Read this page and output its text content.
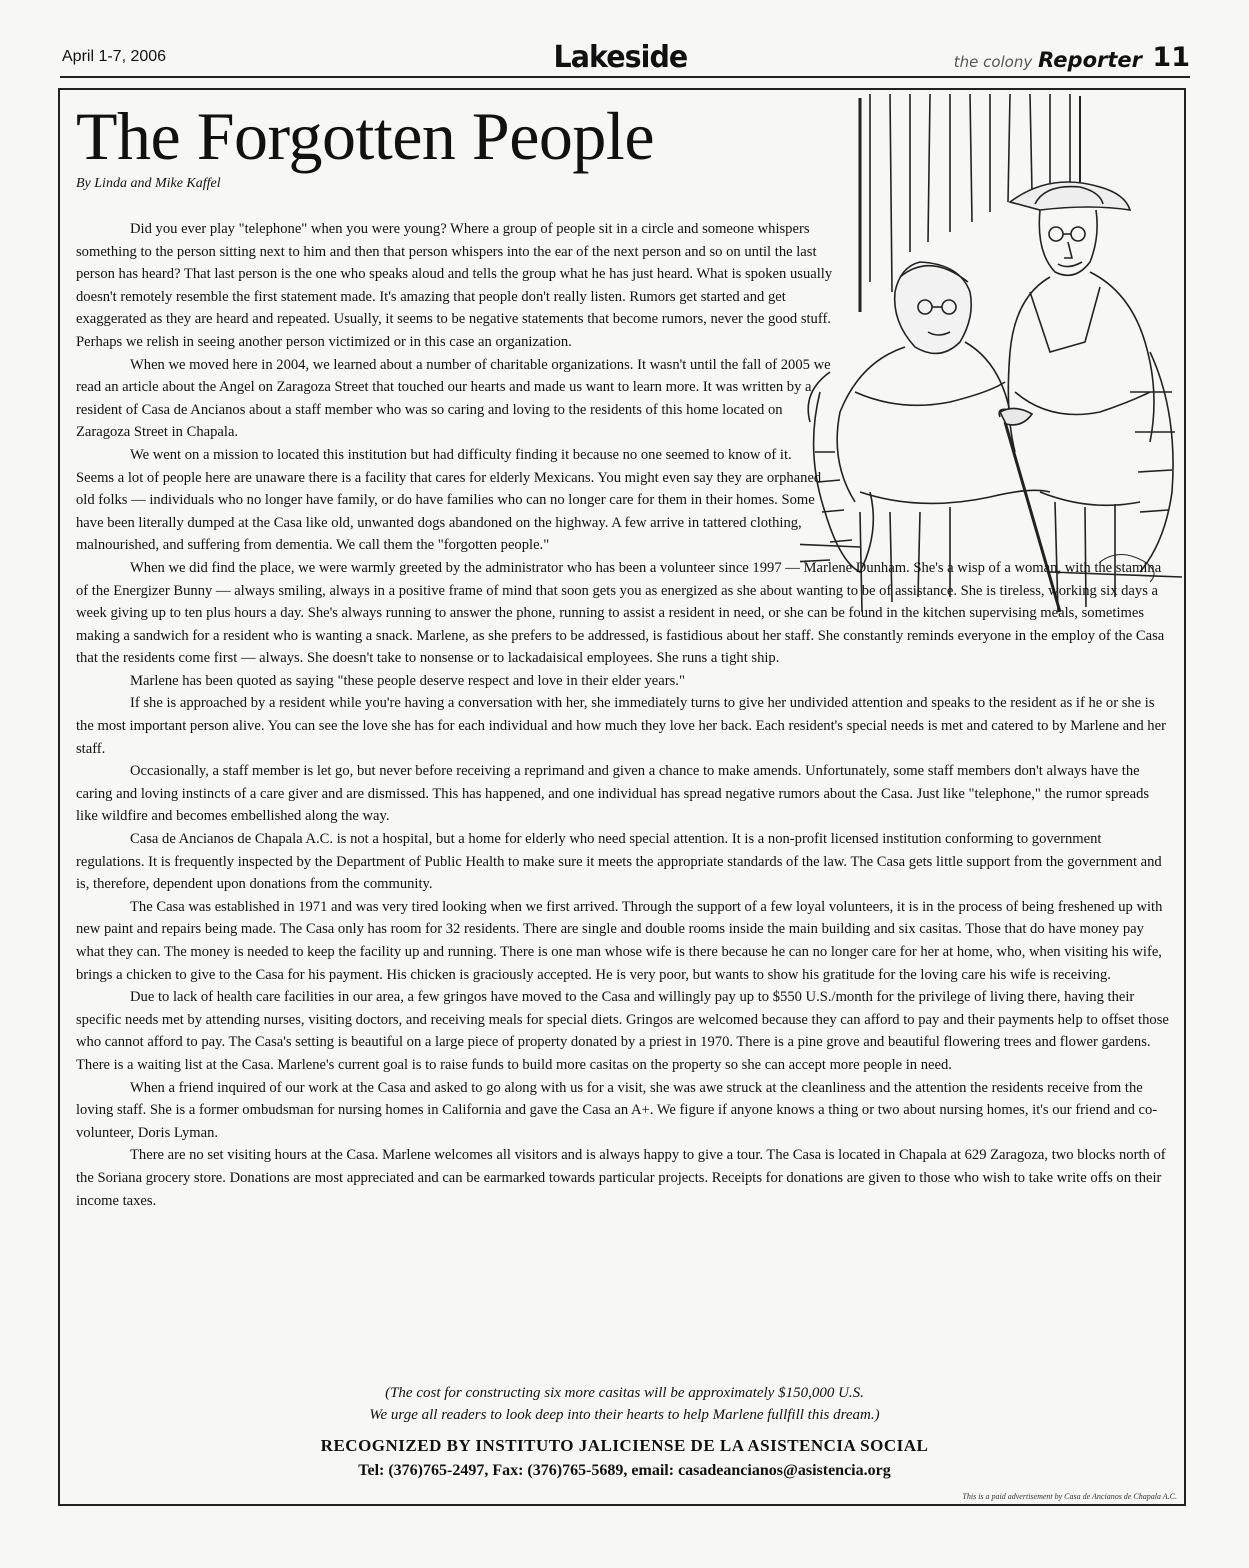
April 1-7, 2006	Lakeside	the colony Reporter 11
The Forgotten People
By Linda and Mike Kaffel

Did you ever play "telephone" when you were young? Where a group of people sit in a circle and someone whispers something to the person sitting next to him and then that person whispers into the ear of the next person and so on until the last person has heard? That last person is the one who speaks aloud and tells the group what he has just heard. What is spoken usually doesn't remotely resemble the first statement made. It's amazing that people don't really listen. Rumors get started and get exaggerated as they are heard and repeated. Usually, it seems to be negative statements that become rumors, never the good stuff. Perhaps we relish in seeing another person victimized or in this case an organization.

When we moved here in 2004, we learned about a number of charitable organizations. It wasn't until the fall of 2005 we read an article about the Angel on Zaragoza Street that touched our hearts and made us want to learn more. It was written by a resident of Casa de Ancianos about a staff member who was so caring and loving to the residents of this home located on Zaragoza Street in Chapala.

We went on a mission to located this institution but had difficulty finding it because no one seemed to know of it. Seems a lot of people here are unaware there is a facility that cares for elderly Mexicans. You might even say they are orphaned old folks — individuals who no longer have family, or do have families who can no longer care for them in their homes. Some have been literally dumped at the Casa like old, unwanted dogs abandoned on the highway. A few arrive in tattered clothing, malnourished, and suffering from dementia. We call them the "forgotten people."

When we did find the place, we were warmly greeted by the administrator who has been a volunteer since 1997 — Marlene Dunham. She's a wisp of a woman, with the stamina of the Energizer Bunny — always smiling, always in a positive frame of mind that soon gets you as energized as she about wanting to be of assistance. She is tireless, working six days a week giving up to ten plus hours a day. She's always running to answer the phone, running to assist a resident in need, or she can be found in the kitchen supervising meals, sometimes making a sandwich for a resident who is wanting a snack. Marlene, as she prefers to be addressed, is fastidious about her staff. She constantly reminds everyone in the employ of the Casa that the residents come first — always. She doesn't take to nonsense or to lackadaisical employees. She runs a tight ship.

Marlene has been quoted as saying "these people deserve respect and love in their elder years."

If she is approached by a resident while you're having a conversation with her, she immediately turns to give her undivided attention and speaks to the resident as if he or she is the most important person alive. You can see the love she has for each individual and how much they love her back. Each resident's special needs is met and catered to by Marlene and her staff.

Occasionally, a staff member is let go, but never before receiving a reprimand and given a chance to make amends. Unfortunately, some staff members don't always have the caring and loving instincts of a care giver and are dismissed. This has happened, and one individual has spread negative rumors about the Casa. Just like "telephone," the rumor spreads like wildfire and becomes embellished along the way.

Casa de Ancianos de Chapala A.C. is not a hospital, but a home for elderly who need special attention. It is a non-profit licensed institution conforming to government regulations. It is frequently inspected by the Department of Public Health to make sure it meets the appropriate standards of the law. The Casa gets little support from the government and is, therefore, dependent upon donations from the community.

The Casa was established in 1971 and was very tired looking when we first arrived. Through the support of a few loyal volunteers, it is in the process of being freshened up with new paint and repairs being made. The Casa only has room for 32 residents. There are single and double rooms inside the main building and six casitas. Those that do have money pay what they can. The money is needed to keep the facility up and running. There is one man whose wife is there because he can no longer care for her at home, who, when visiting his wife, brings a chicken to give to the Casa for his payment. His chicken is graciously accepted. He is very poor, but wants to show his gratitude for the loving care his wife is receiving.

Due to lack of health care facilities in our area, a few gringos have moved to the Casa and willingly pay up to $550 U.S./month for the privilege of living there, having their specific needs met by attending nurses, visiting doctors, and receiving meals for special diets. Gringos are welcomed because they can afford to pay and their payments help to offset those who cannot afford to pay. The Casa's setting is beautiful on a large piece of property donated by a priest in 1970. There is a pine grove and beautiful flowering trees and flower gardens. There is a waiting list at the Casa. Marlene's current goal is to raise funds to build more casitas on the property so she can accept more people in need.

When a friend inquired of our work at the Casa and asked to go along with us for a visit, she was awe struck at the cleanliness and the attention the residents receive from the loving staff. She is a former ombudsman for nursing homes in California and gave the Casa an A+. We figure if anyone knows a thing or two about nursing homes, it's our friend and co-volunteer, Doris Lyman.

There are no set visiting hours at the Casa. Marlene welcomes all visitors and is always happy to give a tour. The Casa is located in Chapala at 629 Zaragoza, two blocks north of the Soriana grocery store. Donations are most appreciated and can be earmarked towards particular projects. Receipts for donations are given to those who wish to take write offs on their income taxes.

(The cost for constructing six more casitas will be approximately $150,000 U.S.
We urge all readers to look deep into their hearts to help Marlene fullfill this dream.)
RECOGNIZED BY INSTITUTO JALICIENSE DE LA ASISTENCIA SOCIAL
Tel: (376)765-2497, Fax: (376)765-5689, email: casadeancianos@asistencia.org
This is a paid advertisement by Casa de Ancianos de Chapala A.C.
